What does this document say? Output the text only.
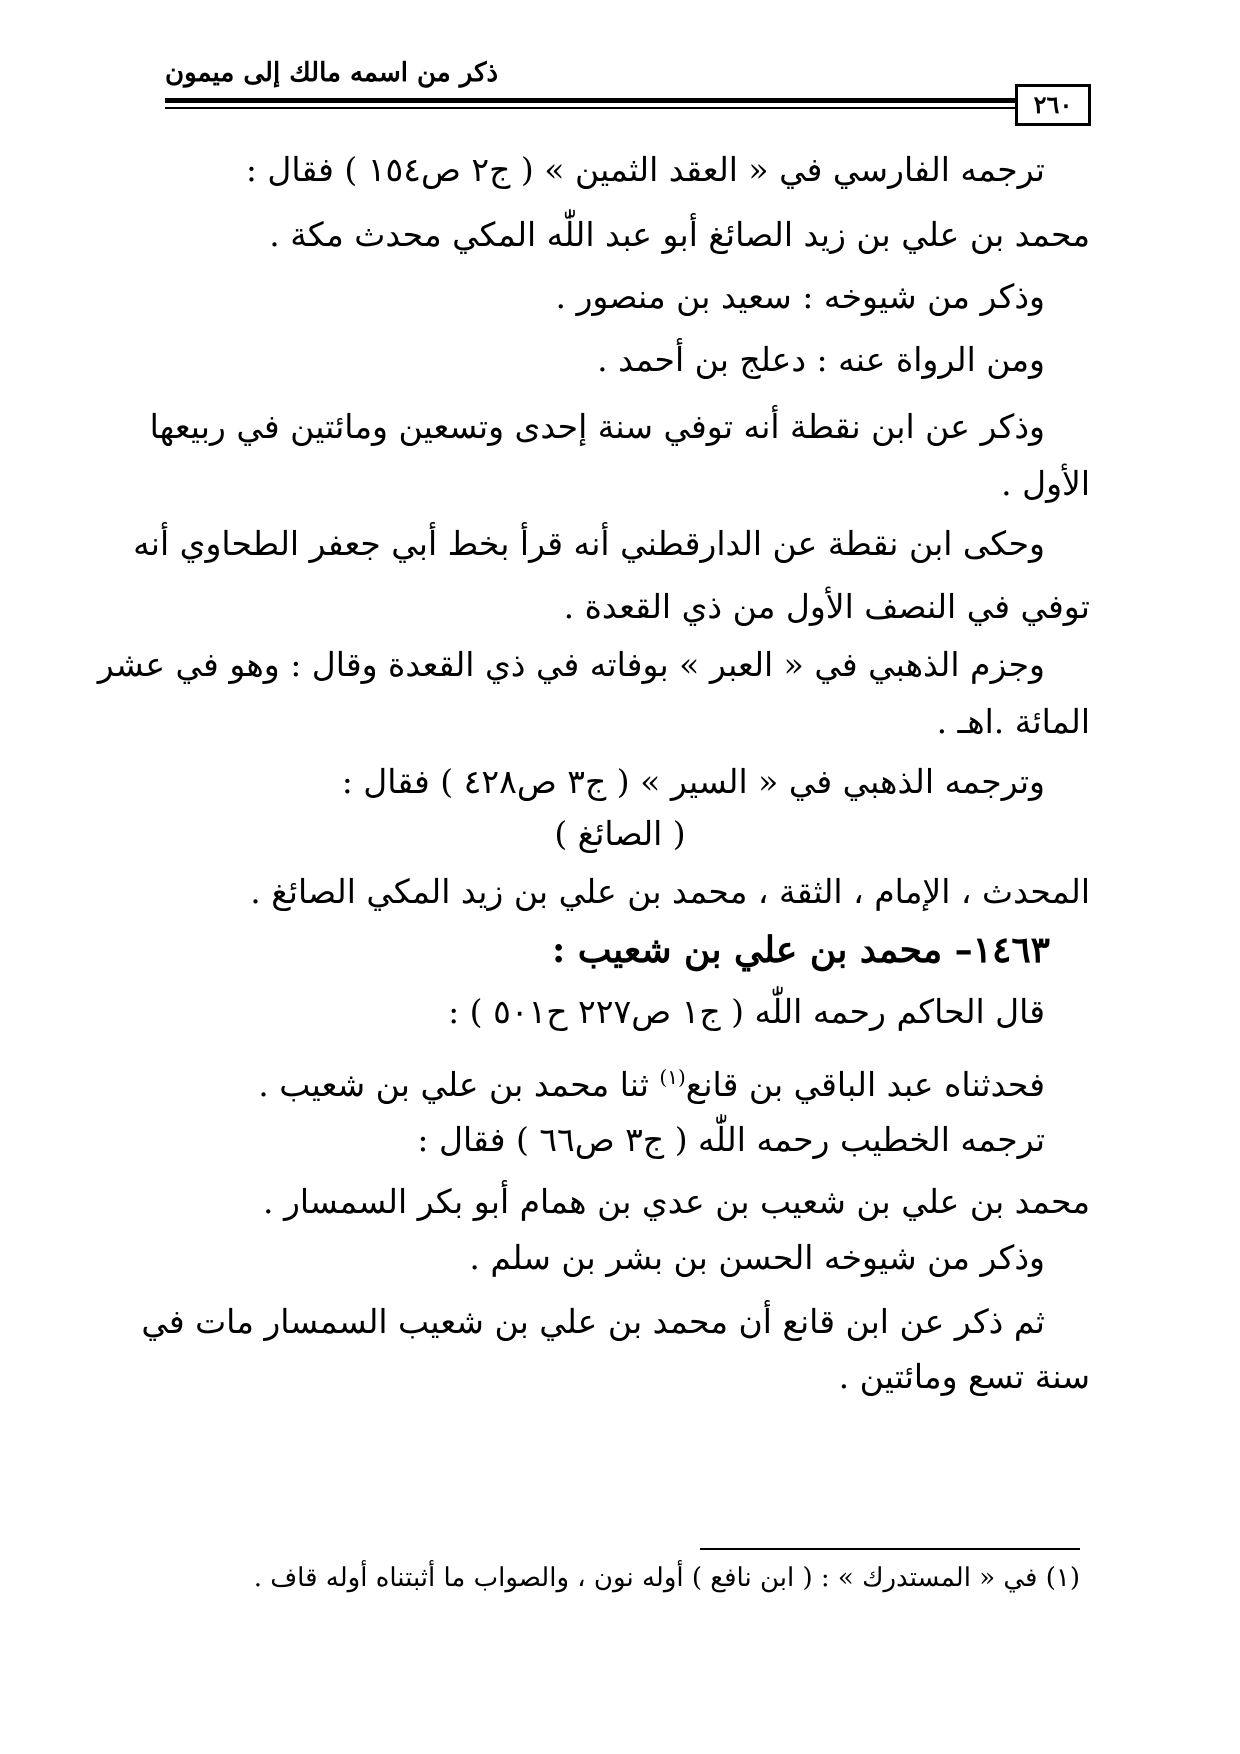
ذكر من اسمه مالك إلى ميمون
٢٦٠
ترجمه الفارسي في « العقد الثمين » ( ج٢ ص١٥٤ ) فقال :
محمد بن علي بن زيد الصائغ أبو عبد اللّٰه المكي محدث مكة .
وذكر من شيوخه : سعيد بن منصور .
ومن الرواة عنه : دعلج بن أحمد .
وذكر عن ابن نقطة أنه توفي سنة إحدى وتسعين ومائتين في ربيعها
الأول .
وحكى ابن نقطة عن الدارقطني أنه قرأ بخط أبي جعفر الطحاوي أنه
توفي في النصف الأول من ذي القعدة .
وجزم الذهبي في « العبر » بوفاته في ذي القعدة وقال : وهو في عشر
المائة .اهـ .
وترجمه الذهبي في « السير » ( ج٣ ص٤٢٨ ) فقال :
( الصائغ )
المحدث ، الإمام ، الثقة ، محمد بن علي بن زيد المكي الصائغ .
١٤٦٣– محمد بن علي بن شعيب :
قال الحاكم رحمه اللّٰه ( ج١ ص٢٢٧ ح٥٠١ ) :
فحدثناه عبد الباقي بن قانع$^{(١)}$ ثنا محمد بن علي بن شعيب .
ترجمه الخطيب رحمه اللّٰه ( ج٣ ص٦٦ ) فقال :
محمد بن علي بن شعيب بن عدي بن همام أبو بكر السمسار .
وذكر من شيوخه الحسن بن بشر بن سلم .
ثم ذكر عن ابن قانع أن محمد بن علي بن شعيب السمسار مات في
سنة تسع ومائتين .
(١) في « المستدرك » : ( ابن نافع ) أوله نون ، والصواب ما أثبتناه أوله قاف .
